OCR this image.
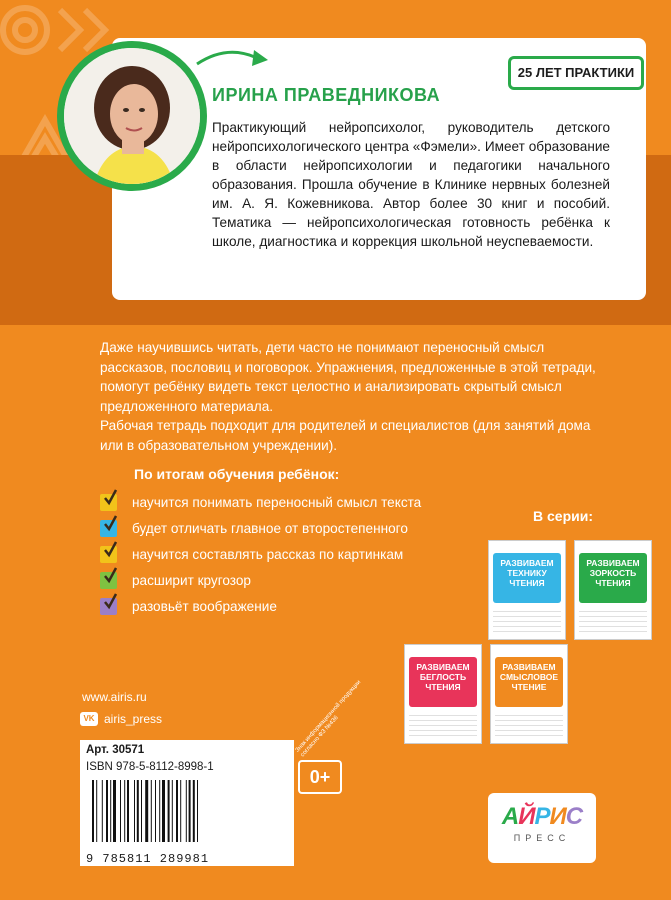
25 ЛЕТ ПРАКТИКИ
ИРИНА ПРАВЕДНИКОВА
Практикующий нейропсихолог, руководитель детского нейропсихологического центра «Фэмели». Имеет образование в области нейропсихологии и педагогики начального образования. Прошла обучение в Клинике нервных болезней им. А. Я. Кожевникова. Автор более 30 книг и пособий. Тематика — нейропсихологическая готовность ребёнка к школе, диагностика и коррекция школьной неуспеваемости.

Даже научившись читать, дети часто не понимают переносный смысл рассказов, пословиц и поговорок. Упражнения, предложенные в этой тетради, помогут ребёнку видеть текст целостно и анализировать скрытый смысл предложенного материала.

Рабочая тетрадь подходит для родителей и специалистов (для занятий дома или в образовательном учреждении).

По итогам обучения ребёнок:
научится понимать переносный смысл текста
будет отличать главное от второстепенного
научится составлять рассказ по картинкам
расширит кругозор
разовьёт воображение
В серии:
РАЗВИВАЕМ ТЕХНИКУ ЧТЕНИЯ
РАЗВИВАЕМ ЗОРКОСТЬ ЧТЕНИЯ
РАЗВИВАЕМ БЕГЛОСТЬ ЧТЕНИЯ
РАЗВИВАЕМ СМЫСЛОВОЕ ЧТЕНИЕ
www.airis.ru
VK airis_press
Арт. 30571
ISBN 978-5-8112-8998-1
9 785811 289981
ЕАС
0+
Знак информационной продукции согласно ФЗ №436
АЙРИС
ПРЕСС
